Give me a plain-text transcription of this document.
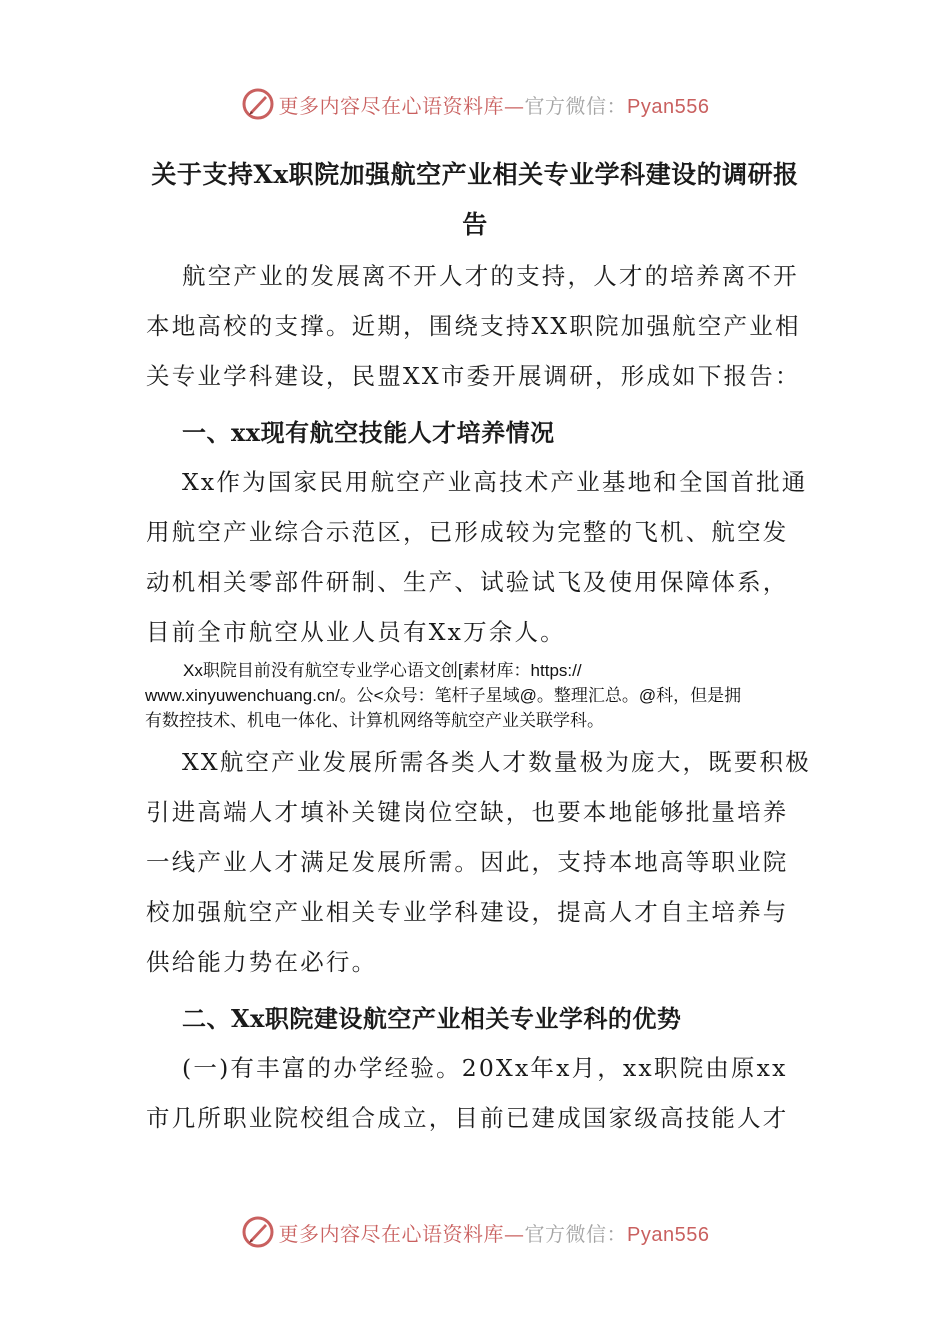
更多内容尽在心语资料库—官方微信：Pyan556
关于支持Xx职院加强航空产业相关专业学科建设的调研报
告
航空产业的发展离不开人才的支持，人才的培养离不开
本地高校的支撑。近期，围绕支持XX职院加强航空产业相
关专业学科建设，民盟XX市委开展调研，形成如下报告：
一、xx现有航空技能人才培养情况
Xx作为国家民用航空产业高技术产业基地和全国首批通
用航空产业综合示范区，已形成较为完整的飞机、航空发
动机相关零部件研制、生产、试验试飞及使用保障体系，
目前全市航空从业人员有Xx万余人。
Xx职院目前没有航空专业学心语文创[素材库：https://
www.xinyuwenchuang.cn/。公<众号：笔杆子星域@。整理汇总。@科，但是拥
有数控技术、机电一体化、计算机网络等航空产业关联学科。
XX航空产业发展所需各类人才数量极为庞大，既要积极
引进高端人才填补关键岗位空缺，也要本地能够批量培养
一线产业人才满足发展所需。因此，支持本地高等职业院
校加强航空产业相关专业学科建设，提高人才自主培养与
供给能力势在必行。
二、Xx职院建设航空产业相关专业学科的优势
(一)有丰富的办学经验。20Xx年x月，xx职院由原xx
市几所职业院校组合成立，目前已建成国家级高技能人才
更多内容尽在心语资料库—官方微信：Pyan556
